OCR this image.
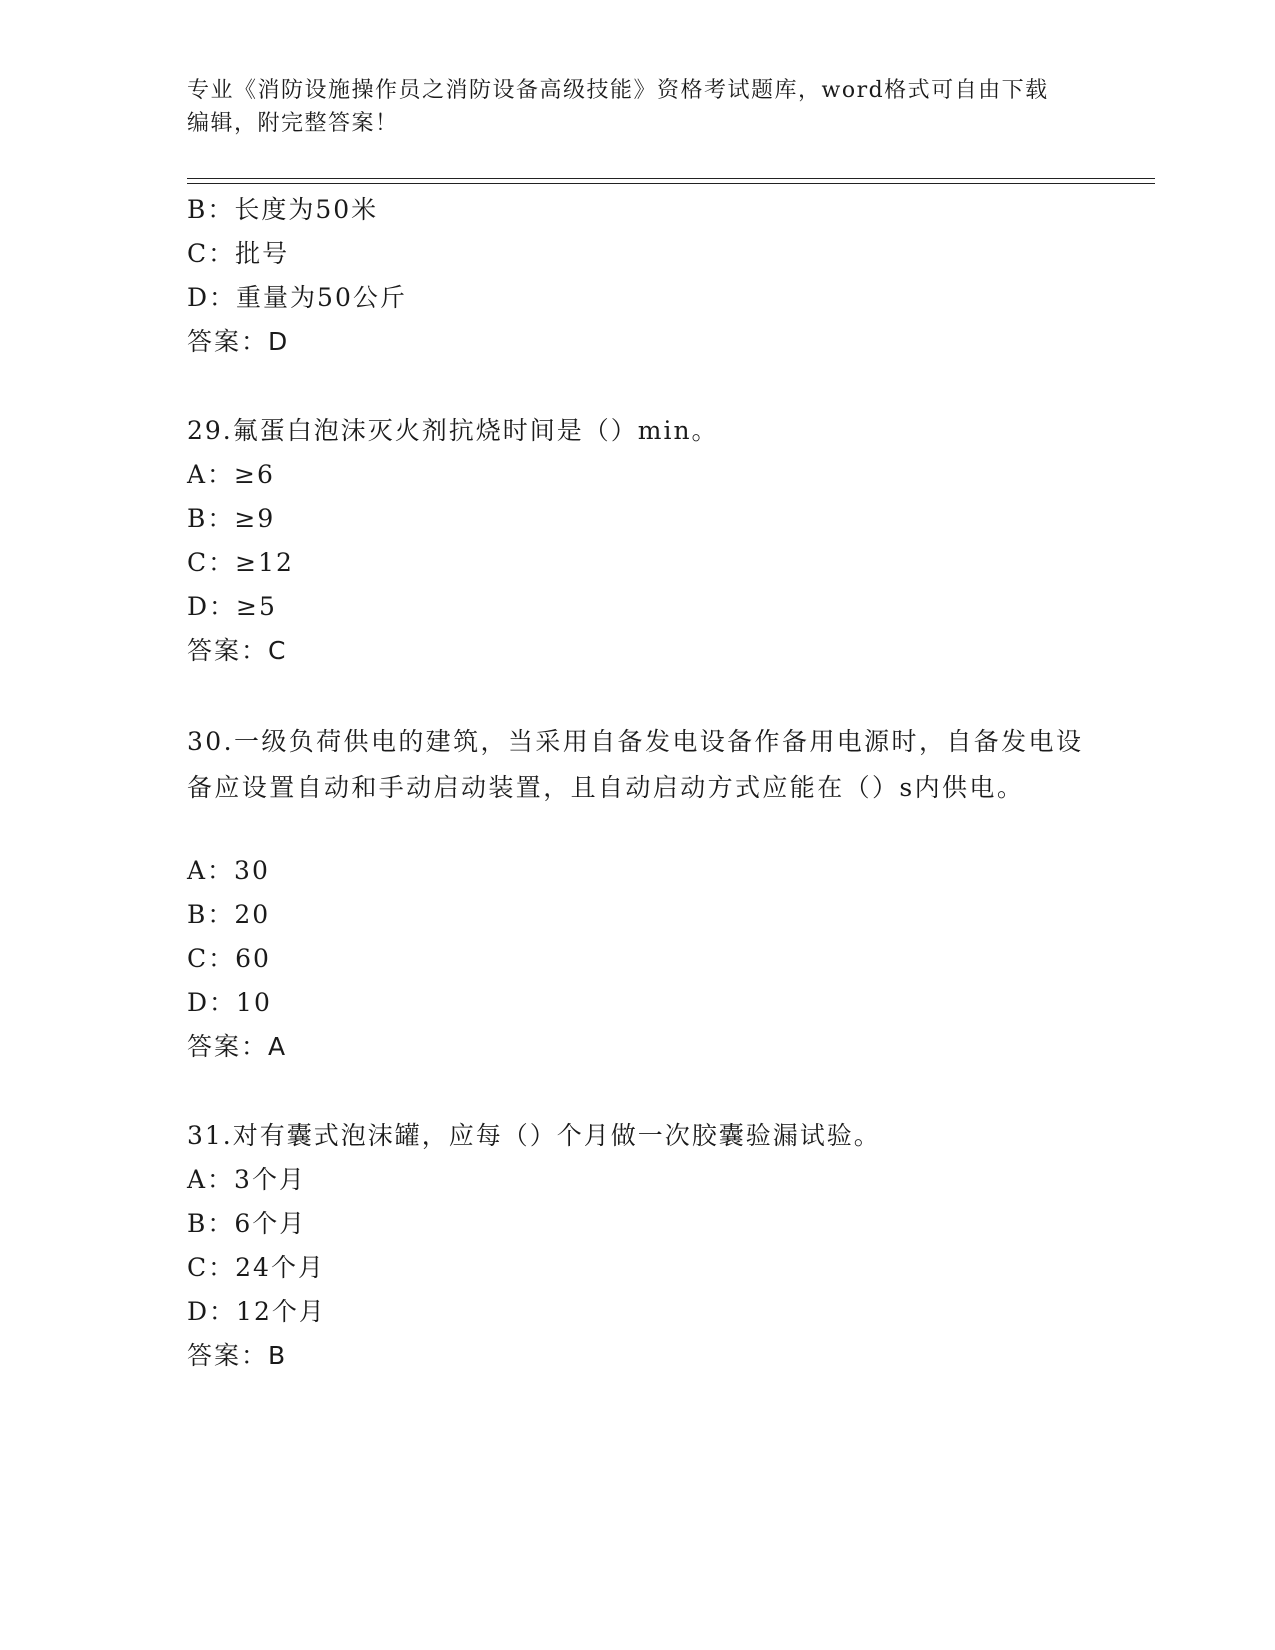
专业《消防设施操作员之消防设备高级技能》资格考试题库，word格式可自由下载编辑，附完整答案！
B：长度为50米
C：批号
D：重量为50公斤
答案：D
29.氟蛋白泡沫灭火剂抗烧时间是（）min。
A：≥6
B：≥9
C：≥12
D：≥5
答案：C
30.一级负荷供电的建筑，当采用自备发电设备作备用电源时，自备发电设备应设置自动和手动启动装置，且自动启动方式应能在（）s内供电。
A：30
B：20
C：60
D：10
答案：A
31.对有囊式泡沫罐，应每（）个月做一次胶囊验漏试验。
A：3个月
B：6个月
C：24个月
D：12个月
答案：B
